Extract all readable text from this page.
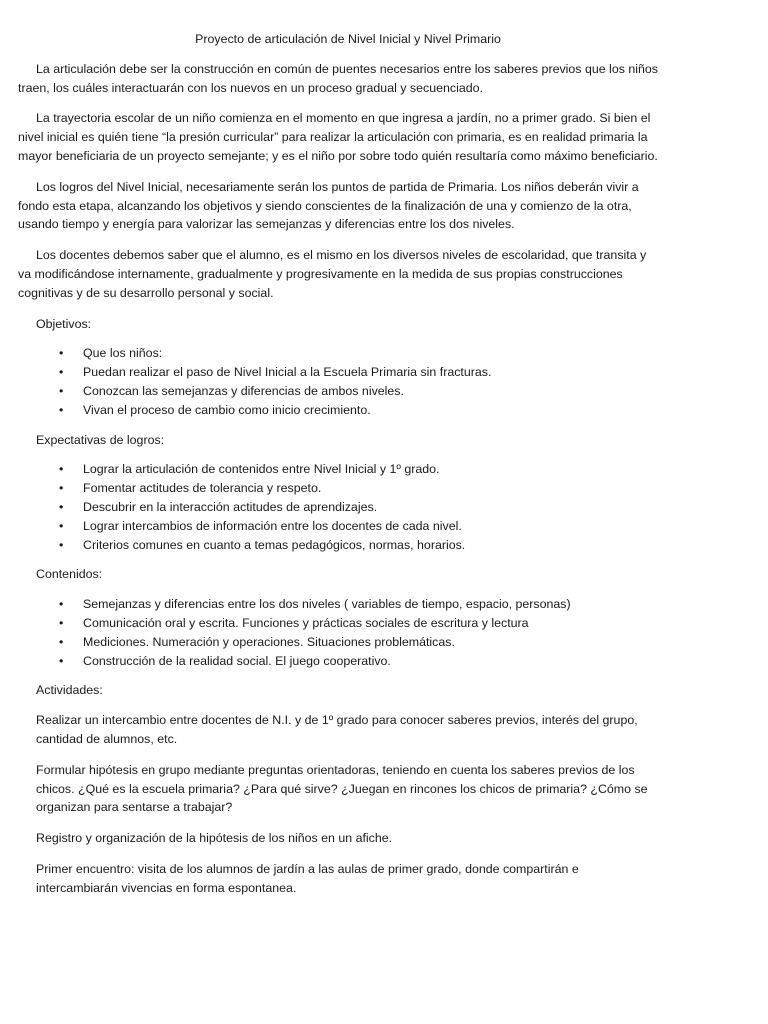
Proyecto de articulación de Nivel Inicial y Nivel Primario

La articulación debe ser la construcción en común de puentes necesarios entre los saberes previos que los niños traen, los cuáles interactuarán con los nuevos en un proceso gradual y secuenciado.

La trayectoria escolar de un niño comienza en el momento en que ingresa a jardín, no a primer grado. Si bien el nivel inicial es quién tiene “la presión curricular” para realizar la articulación con primaria, es en realidad primaria la mayor beneficiaria de un proyecto semejante; y es el niño por sobre todo quién resultaría como máximo beneficiario.

Los logros del Nivel Inicial, necesariamente serán los puntos de partida de Primaria. Los niños deberán vivir a fondo esta etapa, alcanzando los objetivos y siendo conscientes de la finalización de una y comienzo de la otra, usando tiempo y energía para valorizar las semejanzas y diferencias entre los dos niveles.

Los docentes debemos saber que el alumno, es el mismo en los diversos niveles de escolaridad, que transita y va modificándose internamente, gradualmente y progresivamente en la medida de sus propias construcciones cognitivas y de su desarrollo personal y social.

Objetivos:

• Que los niños:
• Puedan realizar el paso de Nivel Inicial a la Escuela Primaria sin fracturas.
• Conozcan las semejanzas y diferencias de ambos niveles.
• Vivan el proceso de cambio como inicio crecimiento.

Expectativas de logros:

• Lograr la articulación de contenidos entre Nivel Inicial y 1º grado.
• Fomentar actitudes de tolerancia y respeto.
• Descubrir en la interacción actitudes de aprendizajes.
• Lograr intercambios de información entre los docentes de cada nivel.
• Criterios comunes en cuanto a temas pedagógicos, normas, horarios.

Contenidos:

• Semejanzas y diferencias entre los dos niveles ( variables de tiempo, espacio, personas)
• Comunicación oral y escrita. Funciones y prácticas sociales de escritura y lectura
• Mediciones. Numeración y operaciones. Situaciones problemáticas.
• Construcción de la realidad social. El juego cooperativo.

Actividades:

Realizar un intercambio entre docentes de N.I. y de 1º grado para conocer saberes previos, interés del grupo, cantidad de alumnos, etc.

Formular hipótesis en grupo mediante preguntas orientadoras, teniendo en cuenta los saberes previos de los chicos. ¿Qué es la escuela primaria? ¿Para qué sirve? ¿Juegan en rincones los chicos de primaria? ¿Cómo se organizan para sentarse a trabajar?

Registro y organización de la hipótesis de los niños en un afiche.

Primer encuentro: visita de los alumnos de jardín a las aulas de primer grado, donde compartirán e intercambiarán vivencias en forma espontanea.
